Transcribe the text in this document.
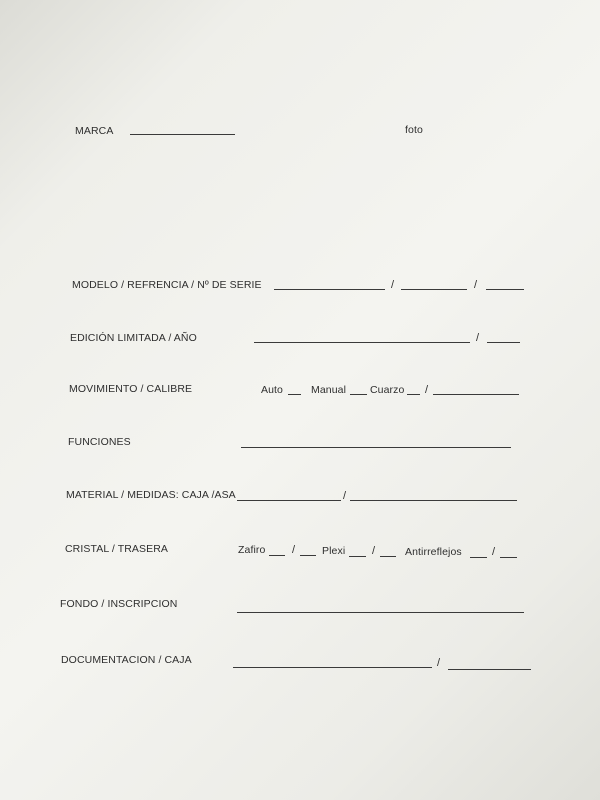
MARCA	foto
MODELO / REFRENCIA / Nº DE SERIE	/	/
EDICIÓN LIMITADA / AÑO	/
MOVIMIENTO / CALIBRE	Auto	Manual Cuarzo /
FUNCIONES
MATERIAL / MEDIDAS: CAJA /ASA	/
CRISTAL / TRASERA	Zafiro /	Plexi /	Antirreflejos	/
FONDO / INSCRIPCION
DOCUMENTACION / CAJA	/
